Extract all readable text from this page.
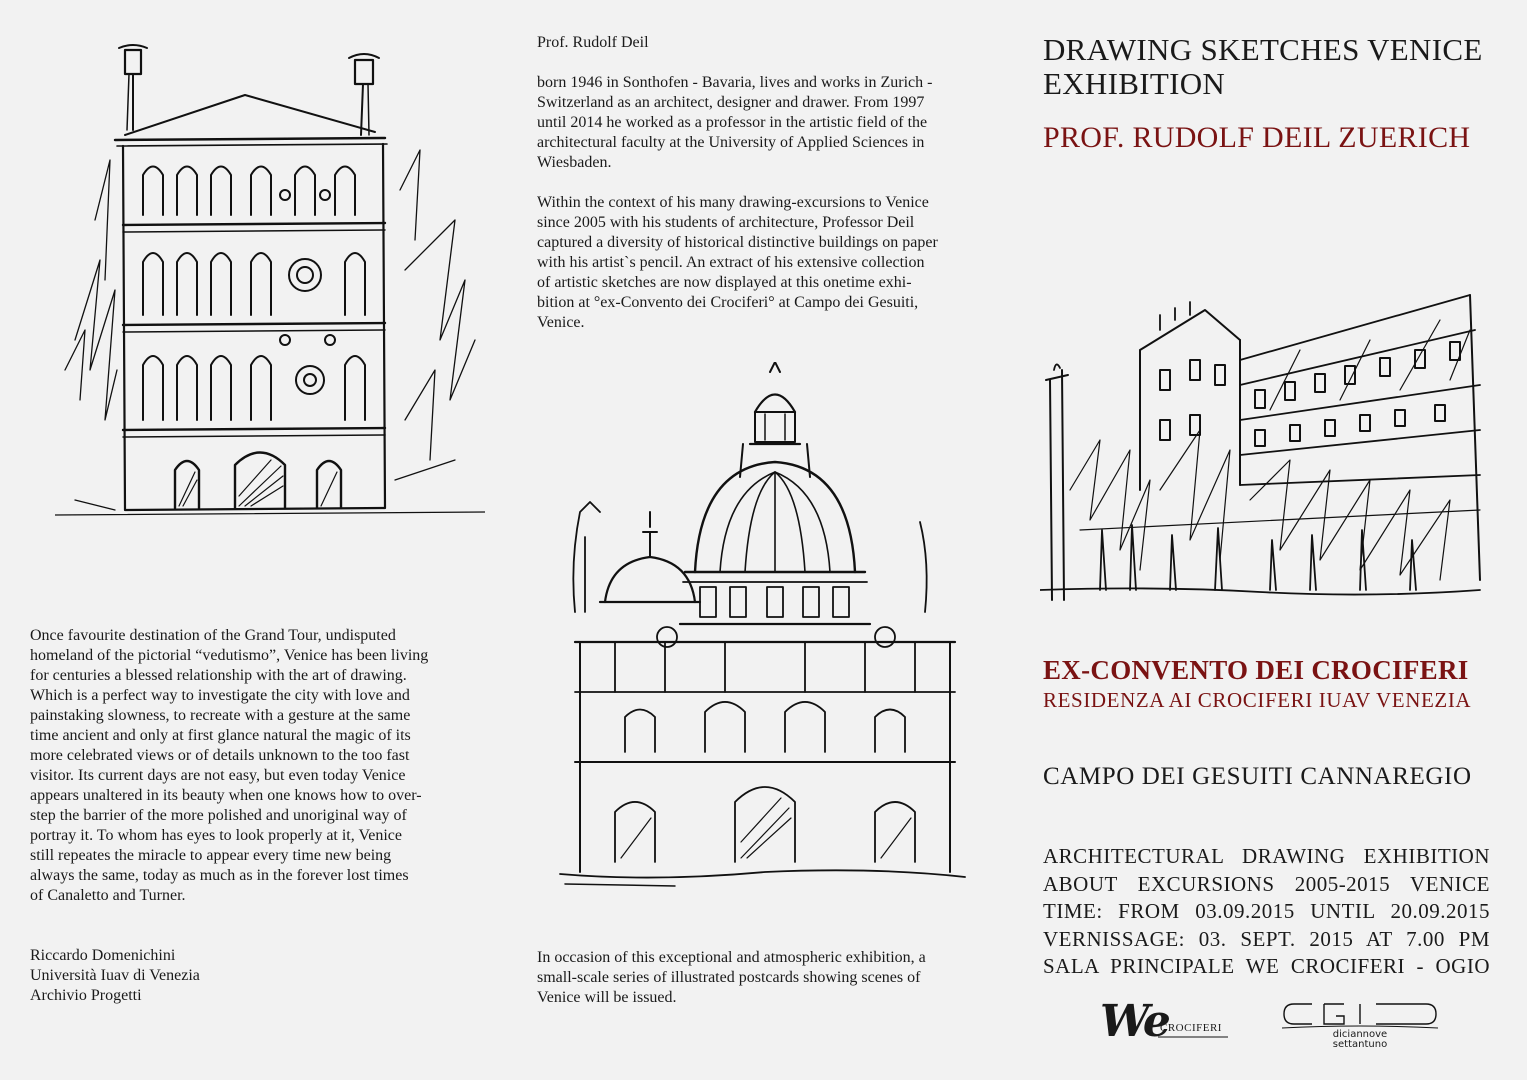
Once favourite destination of the Grand Tour, undisputed
homeland of the pictorial “vedutismo”, Venice has been living
for centuries a blessed relationship with the art of drawing.
Which is a perfect way to investigate the city with love and
painstaking slowness, to recreate with a gesture at the same
time ancient and only at first glance natural the magic of its
more celebrated views or of details unknown to the too fast
visitor. Its current days are not easy, but even today Venice
appears unaltered in its beauty when one knows how to over-
step the barrier of the more polished and unoriginal way of
portray it. To whom has eyes to look properly at it, Venice
still repeates the miracle to appear every time new being
always the same, today as much as in the forever lost times
of Canaletto and Turner.
Riccardo Domenichini
Università Iuav di Venezia
Archivio Progetti
Prof. Rudolf Deil
born 1946 in Sonthofen - Bavaria, lives and works in Zurich -
Switzerland as an architect, designer and drawer. From 1997
until 2014 he worked as a professor in the artistic field of the
architectural faculty at the University of Applied Sciences in
Wiesbaden.
Within the context of his many drawing-excursions to Venice
since 2005 with his students of architecture, Professor Deil
captured a diversity of historical distinctive buildings on paper
with his artist`s pencil. An extract of his extensive collection
of artistic sketches are now displayed at this onetime exhi-
bition at °ex-Convento dei Crociferi° at Campo dei Gesuiti,
Venice.
In occasion of this exceptional and atmospheric exhibition, a
small-scale series of illustrated postcards showing scenes of
Venice will be issued.
DRAWING SKETCHES VENICE
EXHIBITION
PROF. RUDOLF DEIL ZUERICH
EX-CONVENTO DEI CROCIFERI
RESIDENZA AI CROCIFERI IUAV VENEZIA
CAMPO DEI GESUITI CANNAREGIO
ARCHITECTURAL DRAWING EXHIBITION
ABOUT EXCURSIONS 2005-2015 VENICE
TIME: FROM 03.09.2015 UNTIL 20.09.2015
VERNISSAGE: 03. SEPT. 2015 AT 7.00 PM
SALA PRINCIPALE WE CROCIFERI - OGIO
We
CROCIFERI
diciannove
settantuno
